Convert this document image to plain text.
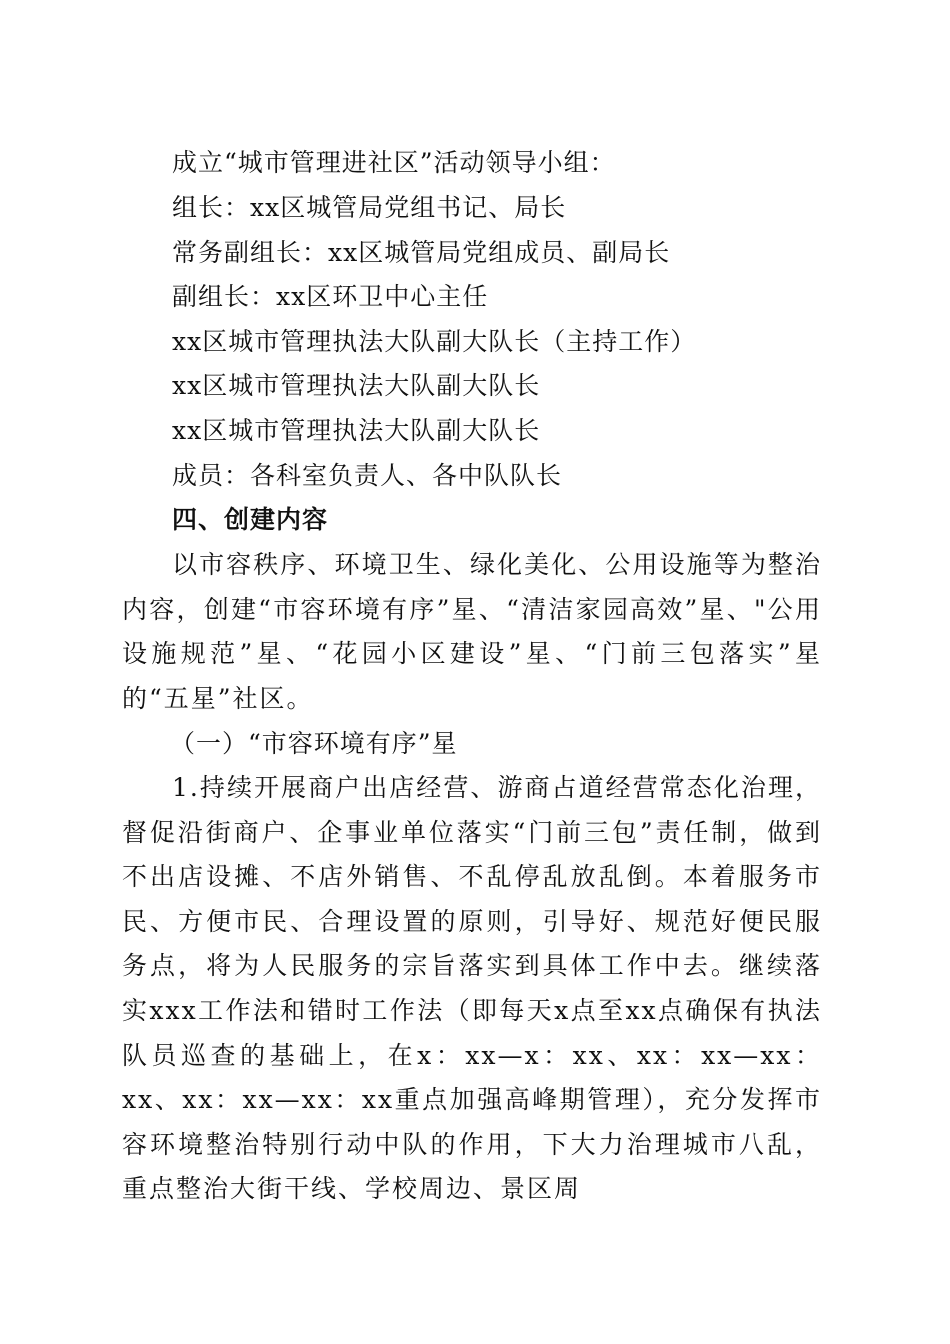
成立“城市管理进社区”活动领导小组：
组长：xx区城管局党组书记、局长
常务副组长：xx区城管局党组成员、副局长
副组长：xx区环卫中心主任
xx区城市管理执法大队副大队长（主持工作）
xx区城市管理执法大队副大队长
xx区城市管理执法大队副大队长
成员：各科室负责人、各中队队长
四、创建内容
以市容秩序、环境卫生、绿化美化、公用设施等为整治内容，创建“市容环境有序”星、“清洁家园高效”星、"公用设施规范”星、“花园小区建设”星、“门前三包落实”星的“五星”社区。
（一）“市容环境有序”星
1.持续开展商户出店经营、游商占道经营常态化治理，督促沿街商户、企事业单位落实“门前三包”责任制，做到不出店设摊、不店外销售、不乱停乱放乱倒。本着服务市民、方便市民、合理设置的原则，引导好、规范好便民服务点，将为人民服务的宗旨落实到具体工作中去。继续落实xxx工作法和错时工作法（即每天x点至xx点确保有执法队员巡查的基础上，在x：xx—x：xx、xx：xx—xx：xx、xx：xx—xx：xx重点加强高峰期管理），充分发挥市容环境整治特别行动中队的作用，下大力治理城市八乱，重点整治大街干线、学校周边、景区周
